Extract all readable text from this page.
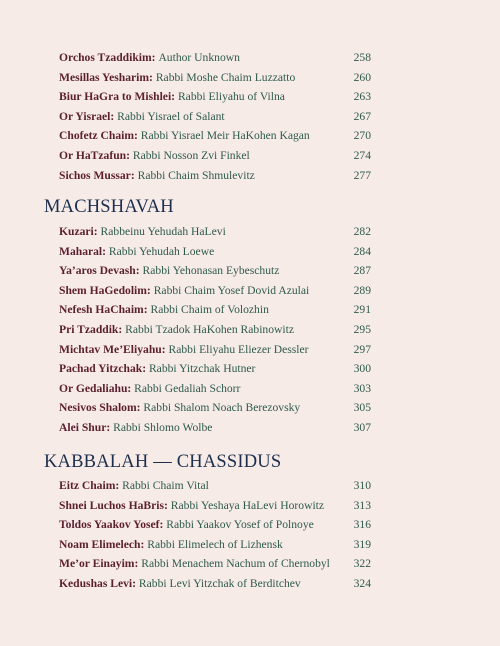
Orchos Tzaddikim: Author Unknown	258
Mesillas Yesharim: Rabbi Moshe Chaim Luzzatto	260
Biur HaGra to Mishlei: Rabbi Eliyahu of Vilna	263
Or Yisrael: Rabbi Yisrael of Salant	267
Chofetz Chaim: Rabbi Yisrael Meir HaKohen Kagan	270
Or HaTzafun: Rabbi Nosson Zvi Finkel	274
Sichos Mussar: Rabbi Chaim Shmulevitz	277
MACHSHAVAH
Kuzari: Rabbeinu Yehudah HaLevi	282
Maharal: Rabbi Yehudah Loewe	284
Ya’aros Devash: Rabbi Yehonasan Eybeschutz	287
Shem HaGedolim: Rabbi Chaim Yosef Dovid Azulai	289
Nefesh HaChaim: Rabbi Chaim of Volozhin	291
Pri Tzaddik: Rabbi Tzadok HaKohen Rabinowitz	295
Michtav Me’Eliyahu: Rabbi Eliyahu Eliezer Dessler	297
Pachad Yitzchak: Rabbi Yitzchak Hutner	300
Or Gedaliahu: Rabbi Gedaliah Schorr	303
Nesivos Shalom: Rabbi Shalom Noach Berezovsky	305
Alei Shur: Rabbi Shlomo Wolbe	307
KABBALAH — CHASSIDUS
Eitz Chaim: Rabbi Chaim Vital	310
Shnei Luchos HaBris: Rabbi Yeshaya HaLevi Horowitz	313
Toldos Yaakov Yosef: Rabbi Yaakov Yosef of Polnoye	316
Noam Elimelech: Rabbi Elimelech of Lizhensk	319
Me’or Einayim: Rabbi Menachem Nachum of Chernobyl 322
Kedushas Levi: Rabbi Levi Yitzchak of Berditchev	324
